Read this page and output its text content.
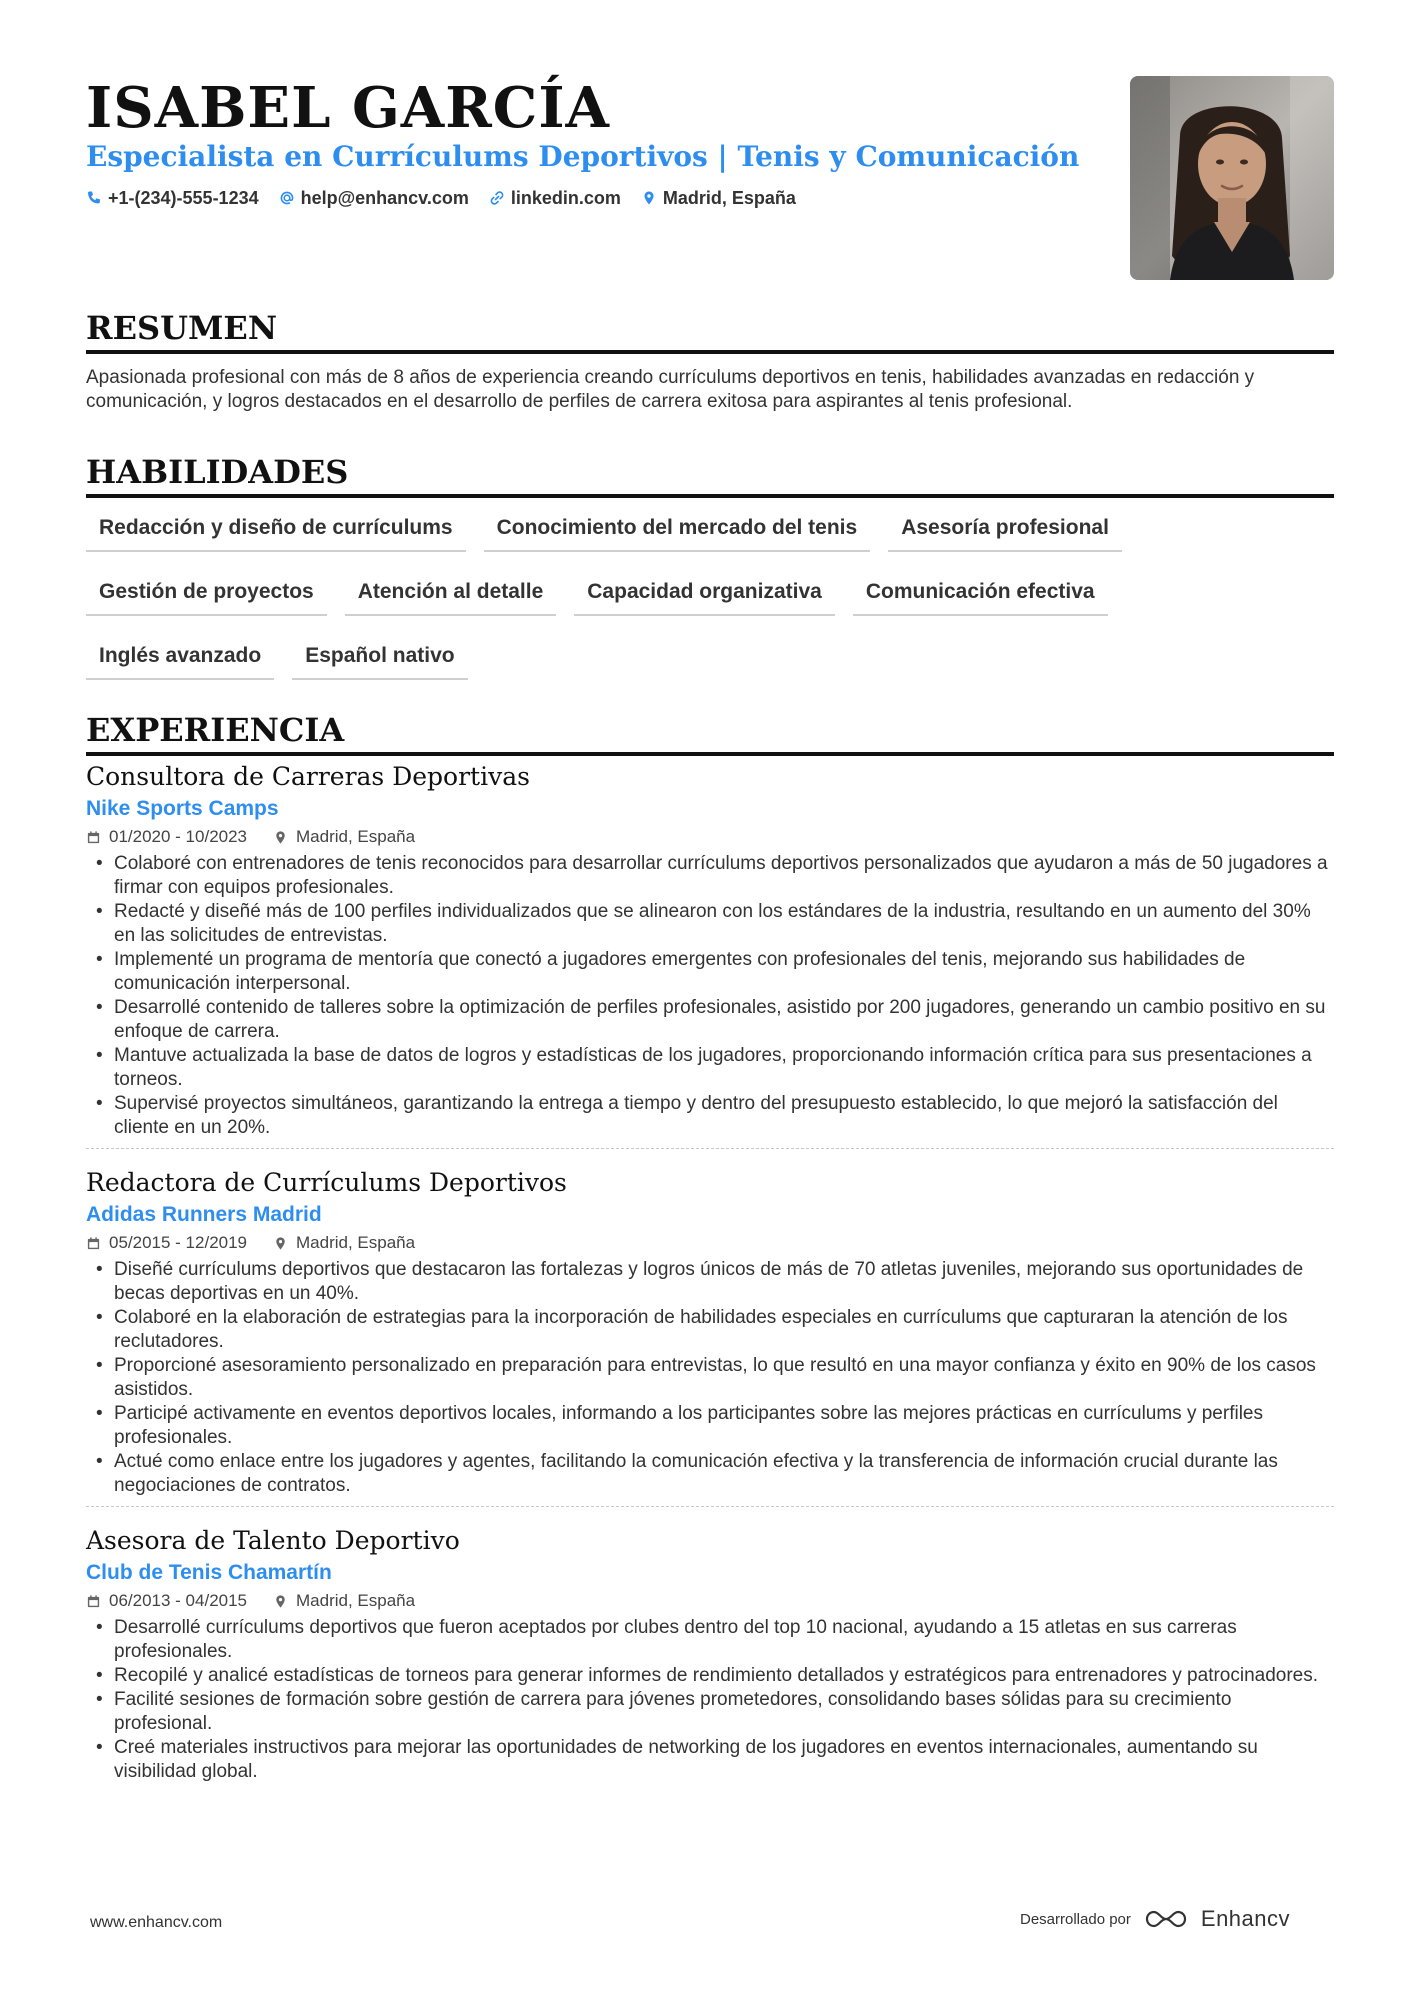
ISABEL GARCÍA
Especialista en Currículums Deportivos | Tenis y Comunicación
+1-(234)-555-1234 help@enhancv.com linkedin.com Madrid, España
RESUMEN
Apasionada profesional con más de 8 años de experiencia creando currículums deportivos en tenis, habilidades avanzadas en redacción y comunicación, y logros destacados en el desarrollo de perfiles de carrera exitosa para aspirantes al tenis profesional.
HABILIDADES
Redacción y diseño de currículums	Conocimiento del mercado del tenis	Asesoría profesional
Gestión de proyectos	Atención al detalle	Capacidad organizativa	Comunicación efectiva
Inglés avanzado	Español nativo
EXPERIENCIA
Consultora de Carreras Deportivas
Nike Sports Camps
01/2020 - 10/2023	Madrid, España
• Colaboré con entrenadores de tenis reconocidos para desarrollar currículums deportivos personalizados que ayudaron a más de 50 jugadores a firmar con equipos profesionales.
• Redacté y diseñé más de 100 perfiles individualizados que se alinearon con los estándares de la industria, resultando en un aumento del 30% en las solicitudes de entrevistas.
• Implementé un programa de mentoría que conectó a jugadores emergentes con profesionales del tenis, mejorando sus habilidades de comunicación interpersonal.
• Desarrollé contenido de talleres sobre la optimización de perfiles profesionales, asistido por 200 jugadores, generando un cambio positivo en su enfoque de carrera.
• Mantuve actualizada la base de datos de logros y estadísticas de los jugadores, proporcionando información crítica para sus presentaciones a torneos.
• Supervisé proyectos simultáneos, garantizando la entrega a tiempo y dentro del presupuesto establecido, lo que mejoró la satisfacción del cliente en un 20%.
Redactora de Currículums Deportivos
Adidas Runners Madrid
05/2015 - 12/2019	Madrid, España
• Diseñé currículums deportivos que destacaron las fortalezas y logros únicos de más de 70 atletas juveniles, mejorando sus oportunidades de becas deportivas en un 40%.
• Colaboré en la elaboración de estrategias para la incorporación de habilidades especiales en currículums que capturaran la atención de los reclutadores.
• Proporcioné asesoramiento personalizado en preparación para entrevistas, lo que resultó en una mayor confianza y éxito en 90% de los casos asistidos.
• Participé activamente en eventos deportivos locales, informando a los participantes sobre las mejores prácticas en currículums y perfiles profesionales.
• Actué como enlace entre los jugadores y agentes, facilitando la comunicación efectiva y la transferencia de información crucial durante las negociaciones de contratos.
Asesora de Talento Deportivo
Club de Tenis Chamartín
06/2013 - 04/2015	Madrid, España
• Desarrollé currículums deportivos que fueron aceptados por clubes dentro del top 10 nacional, ayudando a 15 atletas en sus carreras profesionales.
• Recopilé y analicé estadísticas de torneos para generar informes de rendimiento detallados y estratégicos para entrenadores y patrocinadores.
• Facilité sesiones de formación sobre gestión de carrera para jóvenes prometedores, consolidando bases sólidas para su crecimiento profesional.
• Creé materiales instructivos para mejorar las oportunidades de networking de los jugadores en eventos internacionales, aumentando su visibilidad global.
www.enhancv.com	Desarrollado por	Enhancv
